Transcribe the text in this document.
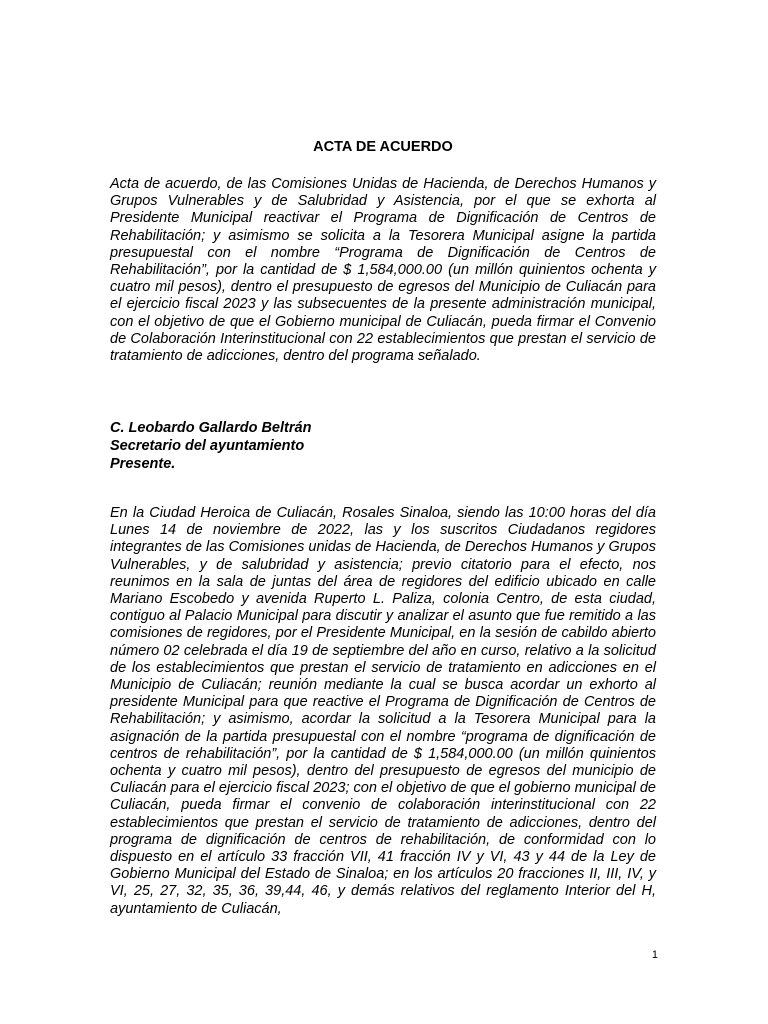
ACTA DE ACUERDO

Acta de acuerdo, de las Comisiones Unidas de Hacienda, de Derechos Humanos y Grupos Vulnerables y de Salubridad y Asistencia, por el que se exhorta al Presidente Municipal reactivar el Programa de Dignificación de Centros de Rehabilitación; y asimismo se solicita a la Tesorera Municipal asigne la partida presupuestal con el nombre “Programa de Dignificación de Centros de Rehabilitación”, por la cantidad de $ 1,584,000.00 (un millón quinientos ochenta y cuatro mil pesos), dentro el presupuesto de egresos del Municipio de Culiacán para el ejercicio fiscal 2023 y las subsecuentes de la presente administración municipal, con el objetivo de que el Gobierno municipal de Culiacán, pueda firmar el Convenio de Colaboración Interinstitucional con 22 establecimientos que prestan el servicio de tratamiento de adicciones, dentro del programa señalado.

C. Leobardo Gallardo Beltrán
Secretario del ayuntamiento
Presente.

En la Ciudad Heroica de Culiacán, Rosales Sinaloa, siendo las 10:00 horas del día Lunes 14 de noviembre de 2022, las y los suscritos Ciudadanos regidores integrantes de las Comisiones unidas de Hacienda, de Derechos Humanos y Grupos Vulnerables, y de salubridad y asistencia; previo citatorio para el efecto, nos reunimos en la sala de juntas del área de regidores del edificio ubicado en calle Mariano Escobedo y avenida Ruperto L. Paliza, colonia Centro, de esta ciudad, contiguo al Palacio Municipal para discutir y analizar el asunto que fue remitido a las comisiones de regidores, por el Presidente Municipal, en la sesión de cabildo abierto número 02 celebrada el día 19 de septiembre del año en curso, relativo a la solicitud de los establecimientos que prestan el servicio de tratamiento en adicciones en el Municipio de Culiacán; reunión mediante la cual se busca acordar un exhorto al presidente Municipal para que reactive el Programa de Dignificación de Centros de Rehabilitación; y asimismo, acordar la solicitud a la Tesorera Municipal para la asignación de la partida presupuestal con el nombre “programa de dignificación de centros de rehabilitación”, por la cantidad de $ 1,584,000.00 (un millón quinientos ochenta y cuatro mil pesos), dentro del presupuesto de egresos del municipio de Culiacán para el ejercicio fiscal 2023; con el objetivo de que el gobierno municipal de Culiacán, pueda firmar el convenio de colaboración interinstitucional con 22 establecimientos que prestan el servicio de tratamiento de adicciones, dentro del programa de dignificación de centros de rehabilitación, de conformidad con lo dispuesto en el artículo 33 fracción VII, 41 fracción IV y VI, 43 y 44 de la Ley de Gobierno Municipal del Estado de Sinaloa; en los artículos 20 fracciones II, III, IV, y VI, 25, 27, 32, 35, 36, 39,44, 46, y demás relativos del reglamento Interior del H, ayuntamiento de Culiacán,

1
